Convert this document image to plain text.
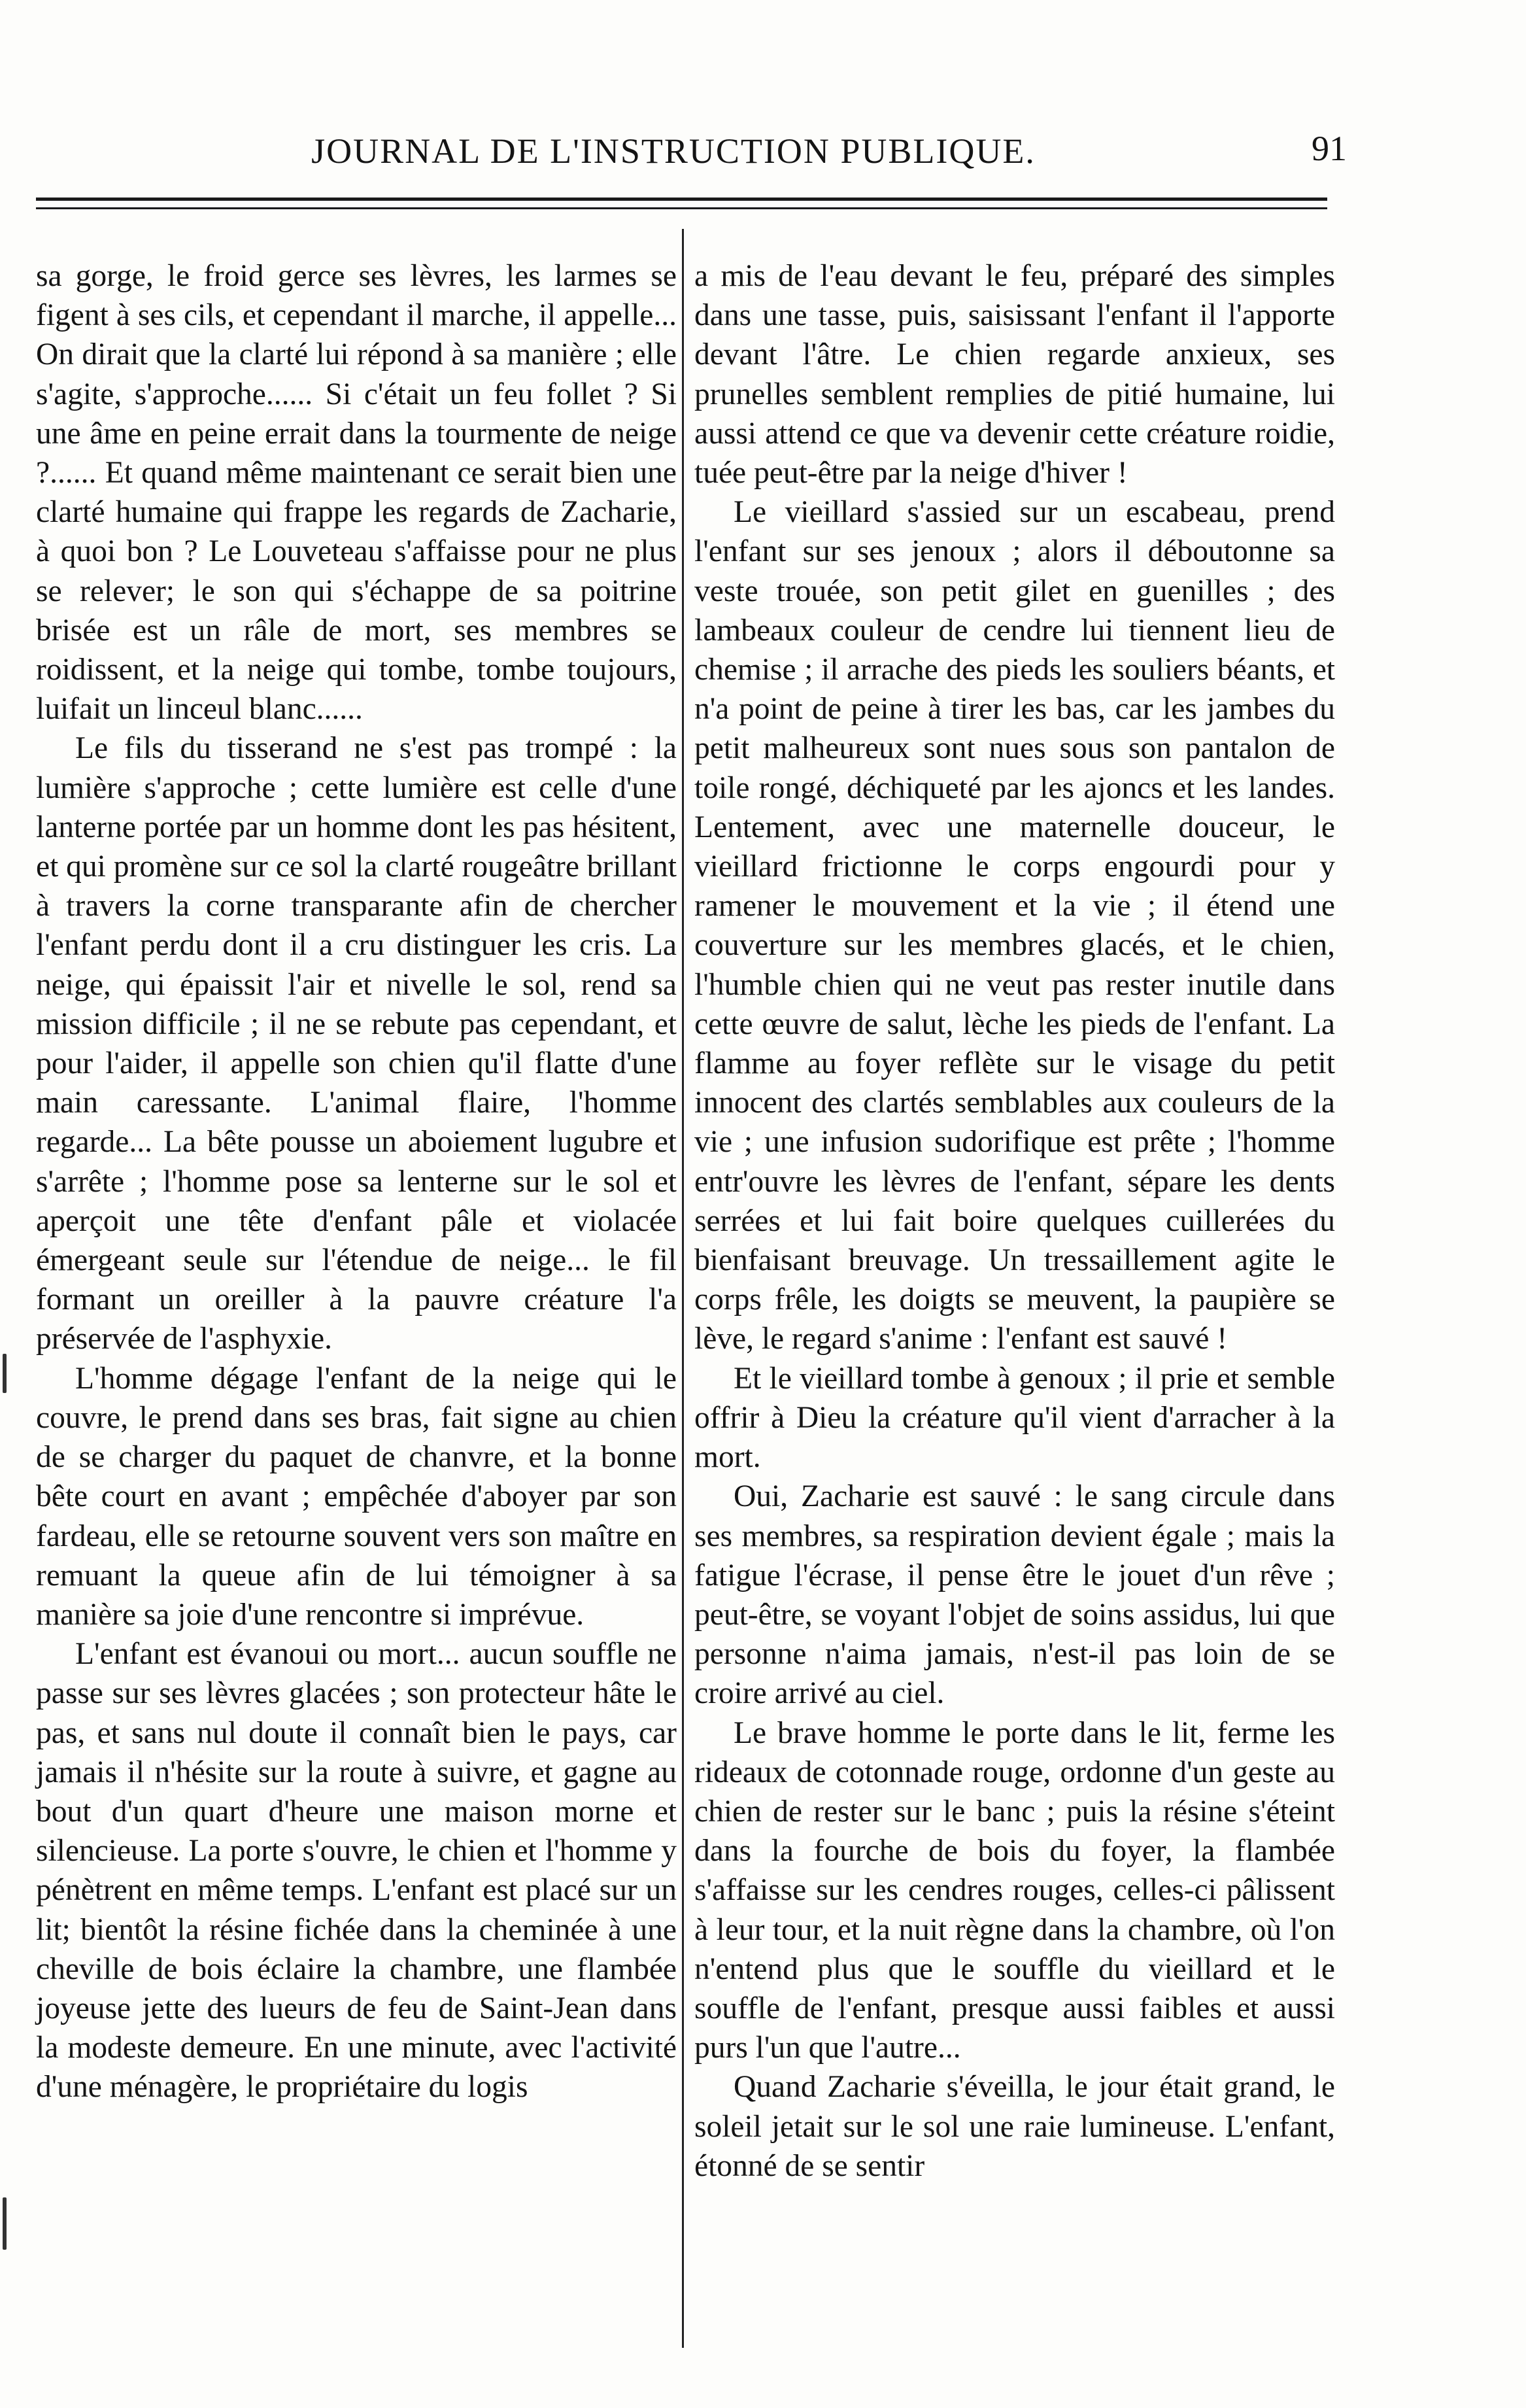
JOURNAL DE L'INSTRUCTION PUBLIQUE.	91

sa gorge, le froid gerce ses lèvres, les larmes se figent à ses cils, et cependant il marche, il appelle... On dirait que la clarté lui répond à sa manière ; elle s'agite, s'approche...... Si c'était un feu follet ? Si une âme en peine errait dans la tourmente de neige ?...... Et quand même maintenant ce serait bien une clarté humaine qui frappe les regards de Zacharie, à quoi bon ? Le Louveteau s'affaisse pour ne plus se relever; le son qui s'échappe de sa poitrine brisée est un râle de mort, ses membres se roidissent, et la neige qui tombe, tombe toujours, luifait un linceul blanc......

Le fils du tisserand ne s'est pas trompé : la lumière s'approche ; cette lumière est celle d'une lanterne portée par un homme dont les pas hésitent, et qui promène sur ce sol la clarté rougeâtre brillant à travers la corne transparante afin de chercher l'enfant perdu dont il a cru distinguer les cris. La neige, qui épaissit l'air et nivelle le sol, rend sa mission difficile ; il ne se rebute pas cependant, et pour l'aider, il appelle son chien qu'il flatte d'une main caressante. L'animal flaire, l'homme regarde... La bête pousse un aboiement lugubre et s'arrête ; l'homme pose sa lenterne sur le sol et aperçoit une tête d'enfant pâle et violacée émergeant seule sur l'étendue de neige... le fil formant un oreiller à la pauvre créature l'a préservée de l'asphyxie.

L'homme dégage l'enfant de la neige qui le couvre, le prend dans ses bras, fait signe au chien de se charger du paquet de chanvre, et la bonne bête court en avant ; empêchée d'aboyer par son fardeau, elle se retourne souvent vers son maître en remuant la queue afin de lui témoigner à sa manière sa joie d'une rencontre si imprévue.

L'enfant est évanoui ou mort... aucun souffle ne passe sur ses lèvres glacées ; son protecteur hâte le pas, et sans nul doute il connaît bien le pays, car jamais il n'hésite sur la route à suivre, et gagne au bout d'un quart d'heure une maison morne et silencieuse. La porte s'ouvre, le chien et l'homme y pénètrent en même temps. L'enfant est placé sur un lit; bientôt la résine fichée dans la cheminée à une cheville de bois éclaire la chambre, une flambée joyeuse jette des lueurs de feu de Saint-Jean dans la modeste demeure. En une minute, avec l'activité d'une ménagère, le propriétaire du logis

a mis de l'eau devant le feu, préparé des simples dans une tasse, puis, saisissant l'enfant il l'apporte devant l'âtre. Le chien regarde anxieux, ses prunelles semblent remplies de pitié humaine, lui aussi attend ce que va devenir cette créature roidie, tuée peut-être par la neige d'hiver !

Le vieillard s'assied sur un escabeau, prend l'enfant sur ses jenoux ; alors il déboutonne sa veste trouée, son petit gilet en guenilles ; des lambeaux couleur de cendre lui tiennent lieu de chemise ; il arrache des pieds les souliers béants, et n'a point de peine à tirer les bas, car les jambes du petit malheureux sont nues sous son pantalon de toile rongé, déchiqueté par les ajoncs et les landes. Lentement, avec une maternelle douceur, le vieillard frictionne le corps engourdi pour y ramener le mouvement et la vie ; il étend une couverture sur les membres glacés, et le chien, l'humble chien qui ne veut pas rester inutile dans cette œuvre de salut, lèche les pieds de l'enfant. La flamme au foyer reflète sur le visage du petit innocent des clartés semblables aux couleurs de la vie ; une infusion sudorifique est prête ; l'homme entr'ouvre les lèvres de l'enfant, sépare les dents serrées et lui fait boire quelques cuillerées du bienfaisant breuvage. Un tressaillement agite le corps frêle, les doigts se meuvent, la paupière se lève, le regard s'anime : l'enfant est sauvé !

Et le vieillard tombe à genoux ; il prie et semble offrir à Dieu la créature qu'il vient d'arracher à la mort.

Oui, Zacharie est sauvé : le sang circule dans ses membres, sa respiration devient égale ; mais la fatigue l'écrase, il pense être le jouet d'un rêve ; peut-être, se voyant l'objet de soins assidus, lui que personne n'aima jamais, n'est-il pas loin de se croire arrivé au ciel.

Le brave homme le porte dans le lit, ferme les rideaux de cotonnade rouge, ordonne d'un geste au chien de rester sur le banc ; puis la résine s'éteint dans la fourche de bois du foyer, la flambée s'affaisse sur les cendres rouges, celles-ci pâlissent à leur tour, et la nuit règne dans la chambre, où l'on n'entend plus que le souffle du vieillard et le souffle de l'enfant, presque aussi faibles et aussi purs l'un que l'autre...

Quand Zacharie s'éveilla, le jour était grand, le soleil jetait sur le sol une raie lumineuse. L'enfant, étonné de se sentir
